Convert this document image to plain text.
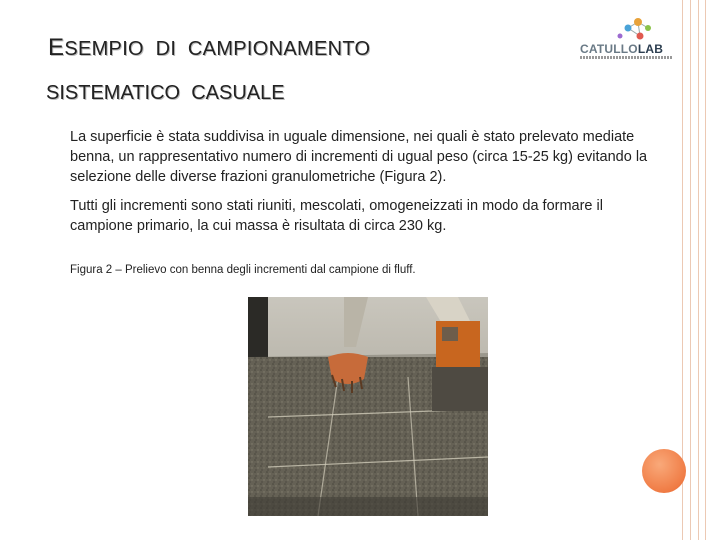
ESEMPIO  DI  CAMPIONAMENTO
SISTEMATICO  CASUALE
CATULLOLAB
La superficie è stata suddivisa in uguale dimensione, nei quali è stato prelevato mediate benna, un rappresentativo numero di incrementi di ugual peso (circa 15-25 kg) evitando la selezione delle diverse frazioni granulometriche (Figura 2).
Tutti gli incrementi sono stati riuniti, mescolati, omogeneizzati in modo da formare il campione primario, la cui massa è risultata di circa 230 kg.
Figura 2 – Prelievo con benna degli incrementi dal campione di fluff.
